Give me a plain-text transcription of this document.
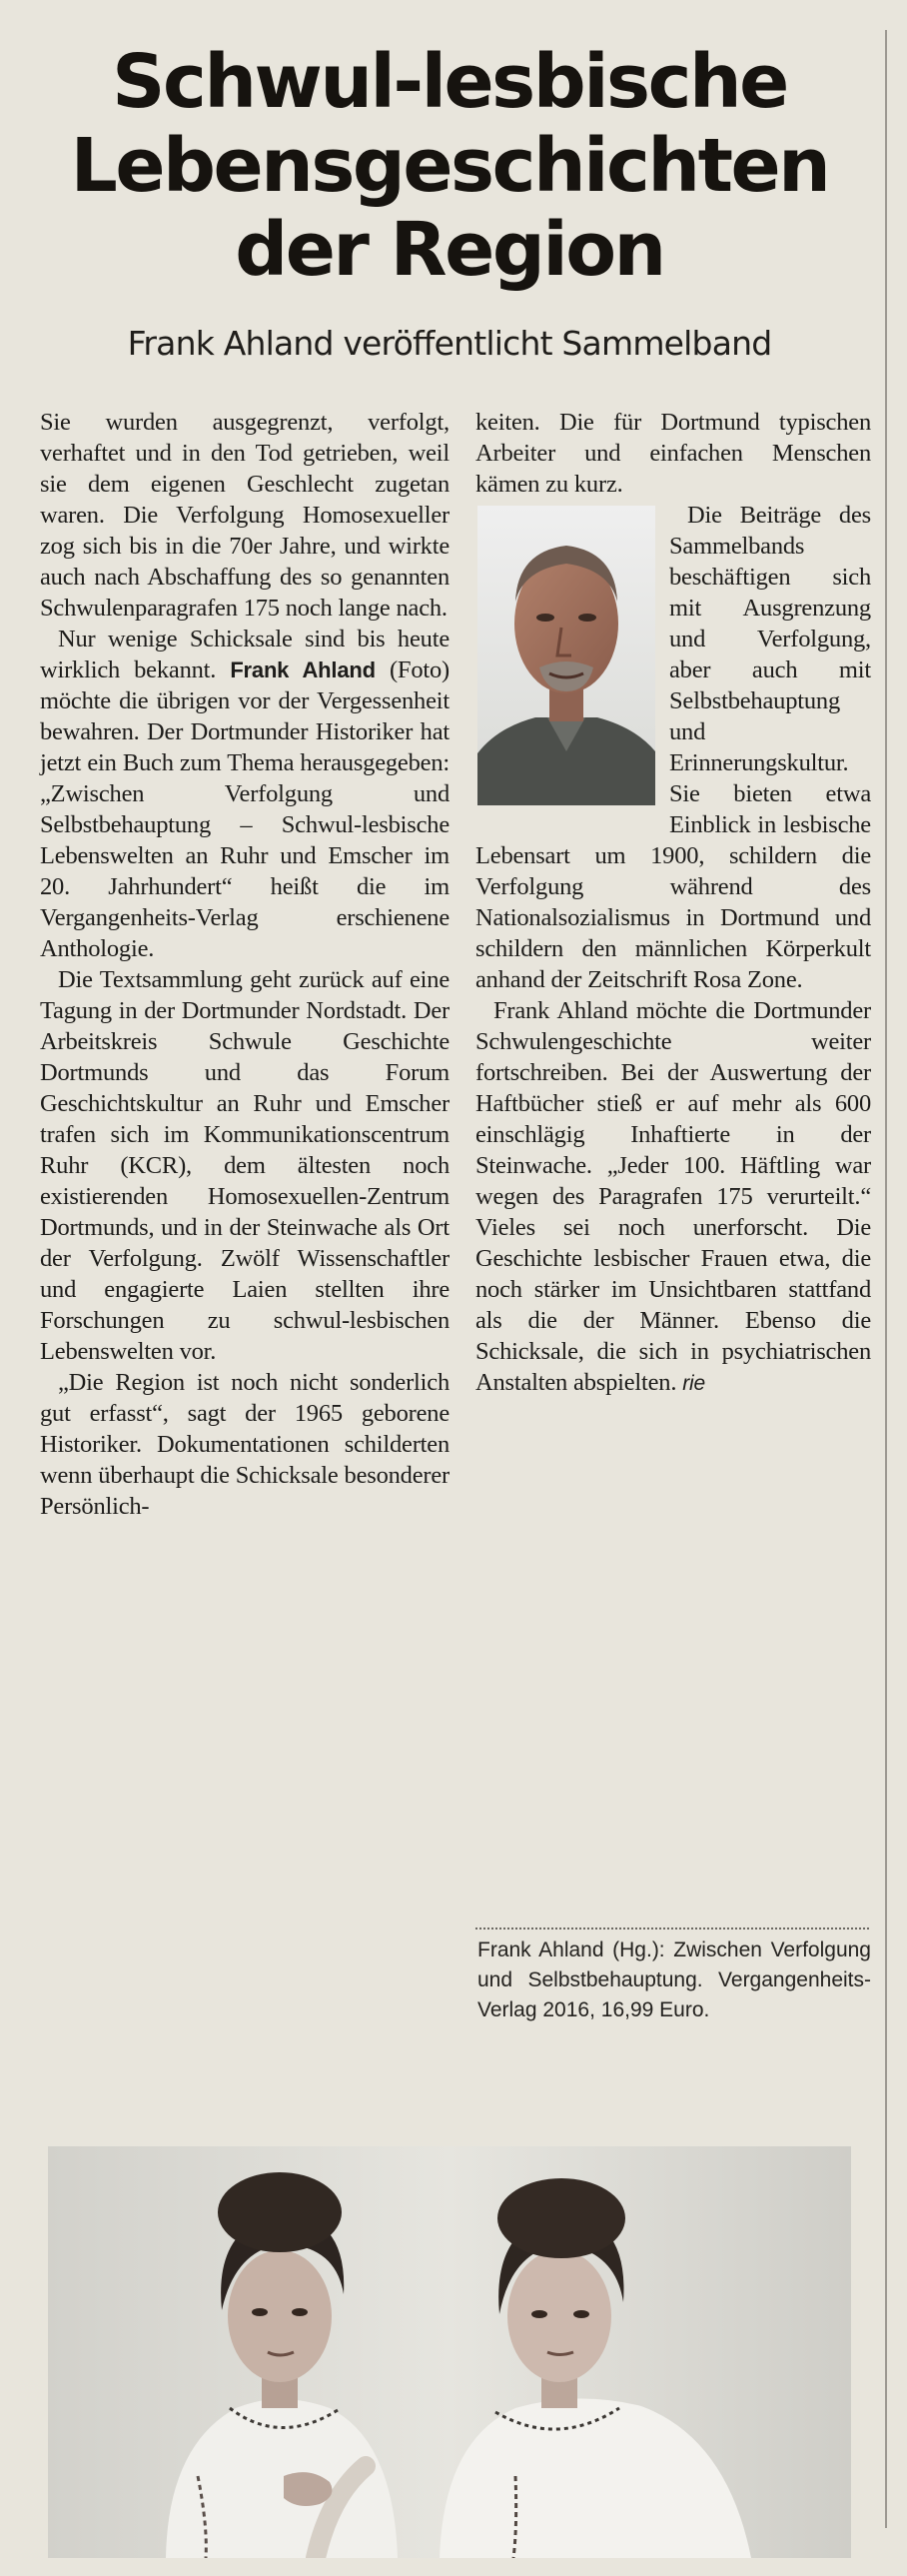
Schwul-lesbische
Lebensgeschichten
der Region
Frank Ahland veröffentlicht Sammelband

Sie wurden ausgegrenzt, verfolgt, verhaftet und in den Tod getrieben, weil sie dem eigenen Geschlecht zugetan waren. Die Verfolgung Homosexueller zog sich bis in die 70er Jahre, und wirkte auch nach Abschaffung des so genannten Schwulenparagrafen 175 noch lange nach.

Nur wenige Schicksale sind bis heute wirklich bekannt. Frank Ahland (Foto) möchte die übrigen vor der Vergessenheit bewahren. Der Dortmunder Historiker hat jetzt ein Buch zum Thema herausgegeben: „Zwischen Verfolgung und Selbstbehauptung – Schwul-lesbische Lebenswelten an Ruhr und Emscher im 20. Jahrhundert“ heißt die im Vergangenheits-Verlag erschienene Anthologie.

Die Textsammlung geht zurück auf eine Tagung in der Dortmunder Nordstadt. Der Arbeitskreis Schwule Geschichte Dortmunds und das Forum Geschichtskultur an Ruhr und Emscher trafen sich im Kommunikationscentrum Ruhr (KCR), dem ältesten noch existierenden Homosexuellen-Zentrum Dortmunds, und in der Steinwache als Ort der Verfolgung. Zwölf Wissenschaftler und engagierte Laien stellten ihre Forschungen zu schwul-lesbischen Lebenswelten vor.

„Die Region ist noch nicht sonderlich gut erfasst“, sagt der 1965 geborene Historiker. Dokumentationen schilderten wenn überhaupt die Schicksale besonderer Persönlich-

keiten. Die für Dortmund typischen Arbeiter und einfachen Menschen kämen zu kurz.

Die Beiträge des Sammelbands beschäftigen sich mit Ausgrenzung und Verfolgung, aber auch mit Selbstbehauptung und Erinnerungskultur. Sie bieten etwa Einblick in lesbische Lebensart um 1900, schildern die Verfolgung während des Nationalsozialismus in Dortmund und schildern den männlichen Körperkult anhand der Zeitschrift Rosa Zone.

Frank Ahland möchte die Dortmunder Schwulengeschichte weiter fortschreiben. Bei der Auswertung der Haftbücher stieß er auf mehr als 600 einschlägig Inhaftierte in der Steinwache. „Jeder 100. Häftling war wegen des Paragrafen 175 verurteilt.“ Vieles sei noch unerforscht. Die Geschichte lesbischer Frauen etwa, die noch stärker im Unsichtbaren stattfand als die der Männer. Ebenso die Schicksale, die sich in psychiatrischen Anstalten abspielten. rie

Frank Ahland (Hg.): Zwischen Verfolgung und Selbstbehauptung. Vergangenheits-Verlag 2016, 16,99 Euro.
